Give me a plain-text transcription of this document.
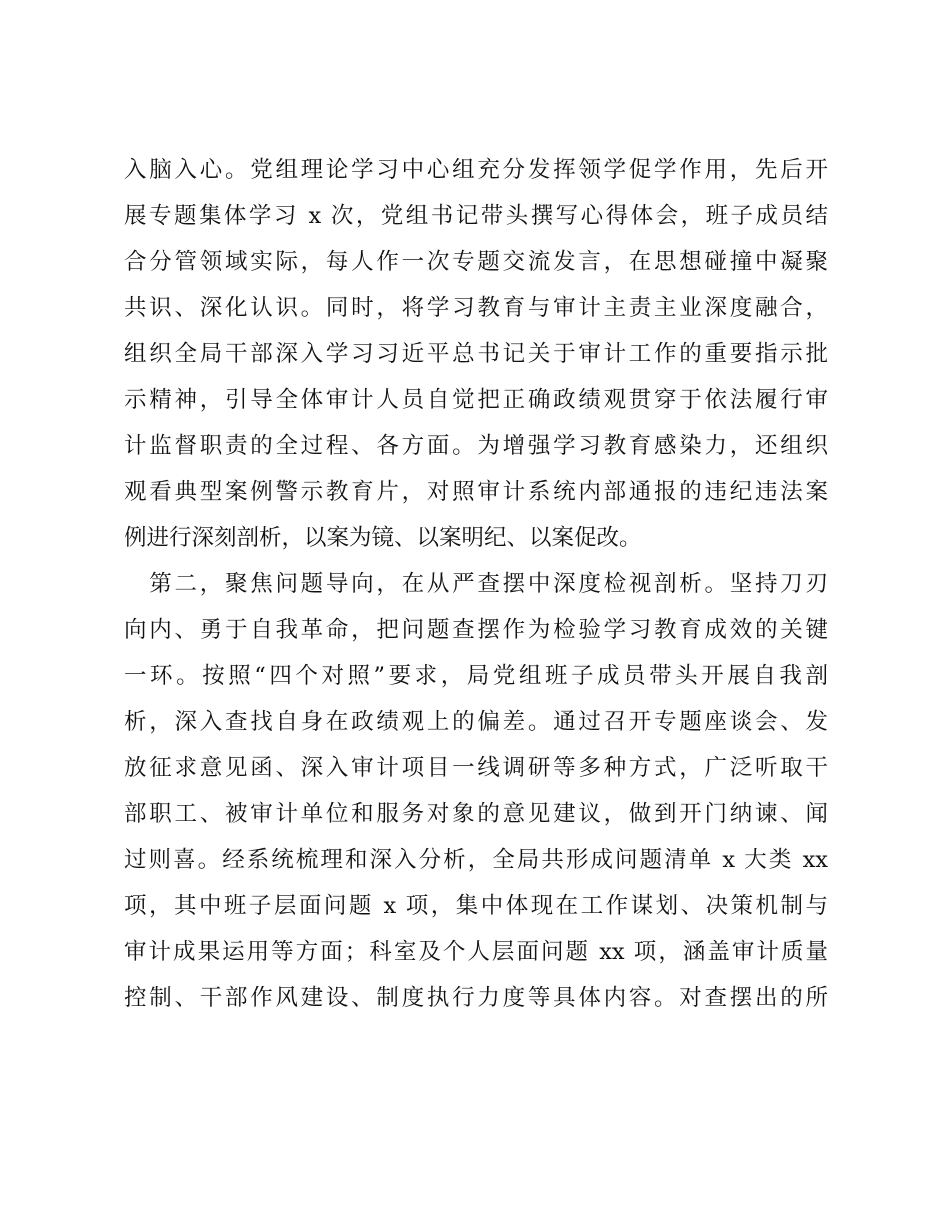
入脑入心。党组理论学习中心组充分发挥领学促学作用，先后开
展专题集体学习 x 次，党组书记带头撰写心得体会，班子成员结
合分管领域实际，每人作一次专题交流发言，在思想碰撞中凝聚
共识、深化认识。同时，将学习教育与审计主责主业深度融合，
组织全局干部深入学习习近平总书记关于审计工作的重要指示批
示精神，引导全体审计人员自觉把正确政绩观贯穿于依法履行审
计监督职责的全过程、各方面。为增强学习教育感染力，还组织
观看典型案例警示教育片，对照审计系统内部通报的违纪违法案
例进行深刻剖析，以案为镜、以案明纪、以案促改。
　第二，聚焦问题导向，在从严查摆中深度检视剖析。坚持刀刃
向内、勇于自我革命，把问题查摆作为检验学习教育成效的关键
一环。按照“四个对照”要求，局党组班子成员带头开展自我剖
析，深入查找自身在政绩观上的偏差。通过召开专题座谈会、发
放征求意见函、深入审计项目一线调研等多种方式，广泛听取干
部职工、被审计单位和服务对象的意见建议，做到开门纳谏、闻
过则喜。经系统梳理和深入分析，全局共形成问题清单 x 大类 xx
项，其中班子层面问题 x 项，集中体现在工作谋划、决策机制与
审计成果运用等方面；科室及个人层面问题 xx 项，涵盖审计质量
控制、干部作风建设、制度执行力度等具体内容。对查摆出的所
